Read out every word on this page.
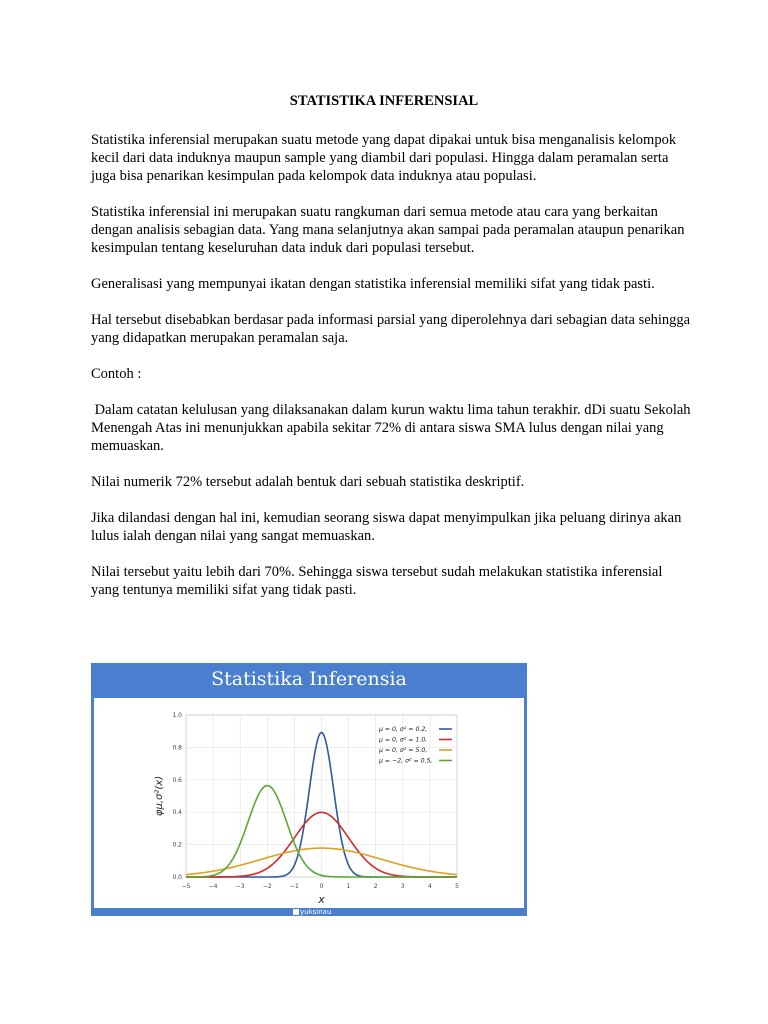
STATISTIKA INFERENSIAL

Statistika inferensial merupakan suatu metode yang dapat dipakai untuk bisa menganalisis kelompok kecil dari data induknya maupun sample yang diambil dari populasi. Hingga dalam peramalan serta juga bisa penarikan kesimpulan pada kelompok data induknya atau populasi.

Statistika inferensial ini merupakan suatu rangkuman dari semua metode atau cara yang berkaitan dengan analisis sebagian data. Yang mana selanjutnya akan sampai pada peramalan ataupun penarikan kesimpulan tentang keseluruhan data induk dari populasi tersebut.

Generalisasi yang mempunyai ikatan dengan statistika inferensial memiliki sifat yang tidak pasti.

Hal tersebut disebabkan berdasar pada informasi parsial yang diperolehnya dari sebagian data sehingga yang didapatkan merupakan peramalan saja.

Contoh :

Dalam catatan kelulusan yang dilaksanakan dalam kurun waktu lima tahun terakhir. dDi suatu Sekolah Menengah Atas ini menunjukkan apabila sekitar 72% di antara siswa SMA lulus dengan nilai yang memuaskan.

Nilai numerik 72% tersebut adalah bentuk dari sebuah statistika deskriptif.

Jika dilandasi dengan hal ini, kemudian seorang siswa dapat menyimpulkan jika peluang dirinya akan lulus ialah dengan nilai yang sangat memuaskan.

Nilai tersebut yaitu lebih dari 70%. Sehingga siswa tersebut sudah melakukan statistika inferensial yang tentunya memiliki sifat yang tidak pasti.

Statistika Inferensia
−5	−4	−3	−2	−1	0	1	2	3	4	5
0.0
0.2
0.4
0.6
0.8
1.0
x
φμ,σ²(x)
μ = 0, σ² = 0.2,
μ = 0, σ² = 1.0,
μ = 0, σ² = 5.0,
μ = −2, σ² = 0.5,
yuksinau
